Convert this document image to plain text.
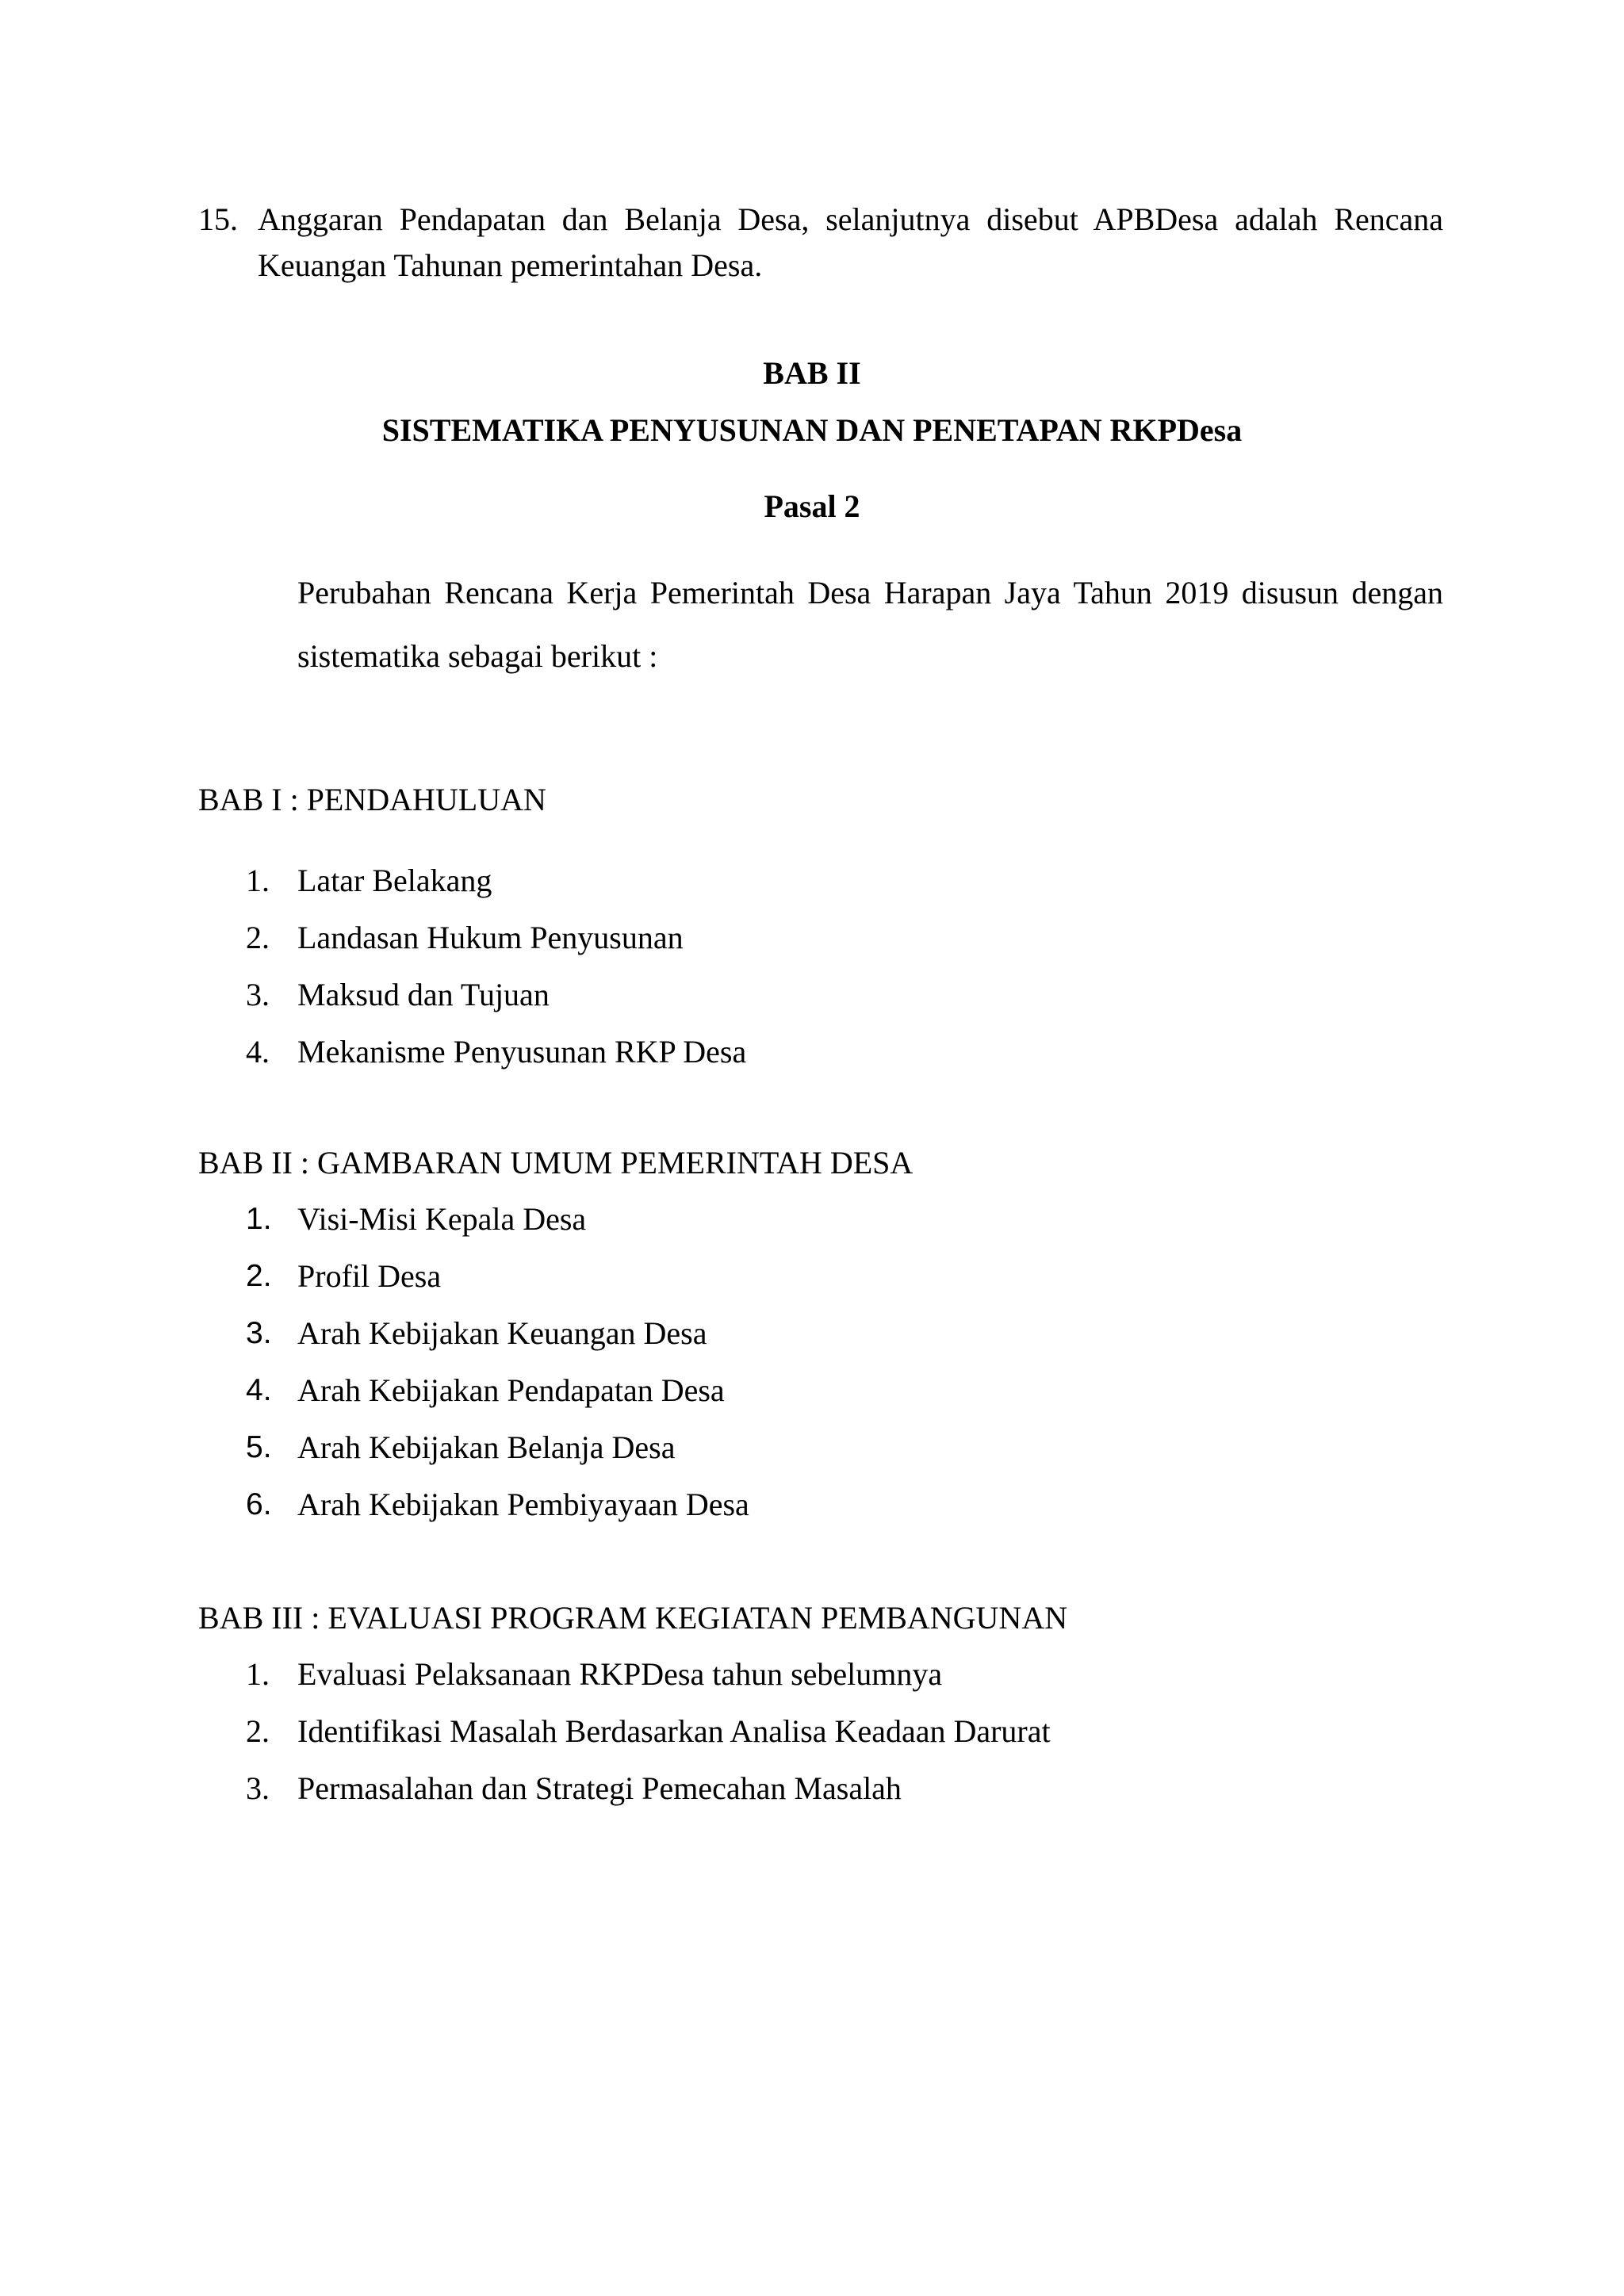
15. Anggaran Pendapatan dan Belanja Desa, selanjutnya disebut APBDesa adalah Rencana Keuangan Tahunan pemerintahan Desa.
BAB II
SISTEMATIKA PENYUSUNAN DAN PENETAPAN RKPDesa
Pasal 2
Perubahan Rencana Kerja Pemerintah Desa Harapan Jaya Tahun 2019 disusun dengan sistematika sebagai berikut :
BAB I : PENDAHULUAN
1. Latar Belakang
2. Landasan Hukum Penyusunan
3. Maksud dan Tujuan
4. Mekanisme Penyusunan RKP Desa
BAB II : GAMBARAN UMUM PEMERINTAH DESA
1. Visi-Misi Kepala Desa
2. Profil Desa
3. Arah Kebijakan Keuangan Desa
4. Arah Kebijakan Pendapatan Desa
5. Arah Kebijakan Belanja Desa
6. Arah Kebijakan Pembiyayaan Desa
BAB III : EVALUASI PROGRAM KEGIATAN PEMBANGUNAN
1. Evaluasi Pelaksanaan RKPDesa tahun sebelumnya
2. Identifikasi Masalah Berdasarkan Analisa Keadaan Darurat
3. Permasalahan dan Strategi Pemecahan Masalah
